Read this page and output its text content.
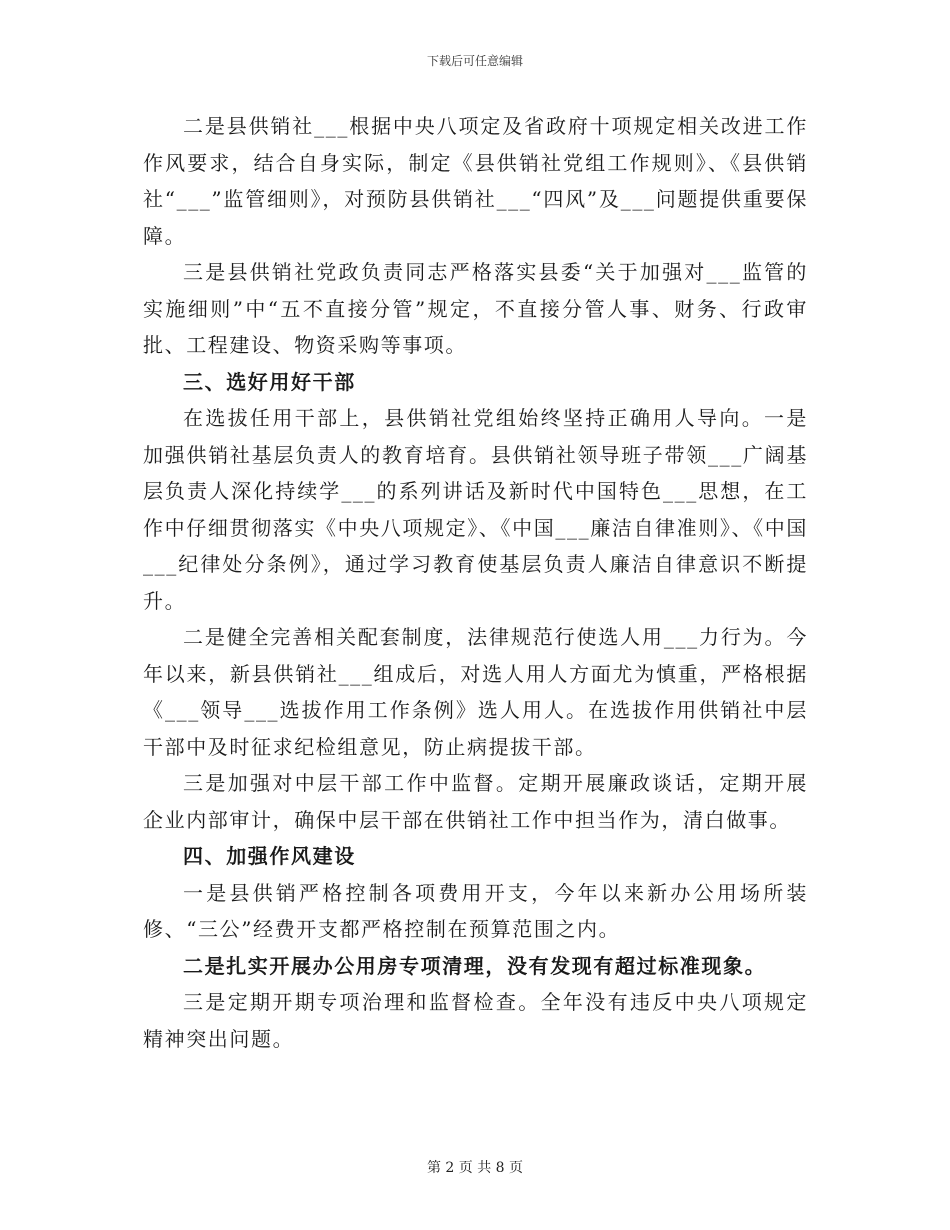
下载后可任意编辑

二是县供销社___根据中央八项定及省政府十项规定相关改进工作作风要求，结合自身实际，制定《县供销社党组工作规则》、《县供销社“___”监管细则》，对预防县供销社___“四风”及___问题提供重要保障。

三是县供销社党政负责同志严格落实县委“关于加强对___监管的实施细则”中“五不直接分管”规定，不直接分管人事、财务、行政审批、工程建设、物资采购等事项。

三、选好用好干部

在选拔任用干部上，县供销社党组始终坚持正确用人导向。一是加强供销社基层负责人的教育培育。县供销社领导班子带领___广阔基层负责人深化持续学___的系列讲话及新时代中国特色___思想，在工作中仔细贯彻落实《中央八项规定》、《中国___廉洁自律准则》、《中国___纪律处分条例》，通过学习教育使基层负责人廉洁自律意识不断提升。

二是健全完善相关配套制度，法律规范行使选人用___力行为。今年以来，新县供销社___组成后，对选人用人方面尤为慎重，严格根据《___领导___选拔作用工作条例》选人用人。在选拔作用供销社中层干部中及时征求纪检组意见，防止病提拔干部。

三是加强对中层干部工作中监督。定期开展廉政谈话，定期开展企业内部审计，确保中层干部在供销社工作中担当作为，清白做事。

四、加强作风建设

一是县供销严格控制各项费用开支，今年以来新办公用场所装修、“三公”经费开支都严格控制在预算范围之内。

二是扎实开展办公用房专项清理，没有发现有超过标准现象。

三是定期开期专项治理和监督检查。全年没有违反中央八项规定精神突出问题。

第 2 页 共 8 页
